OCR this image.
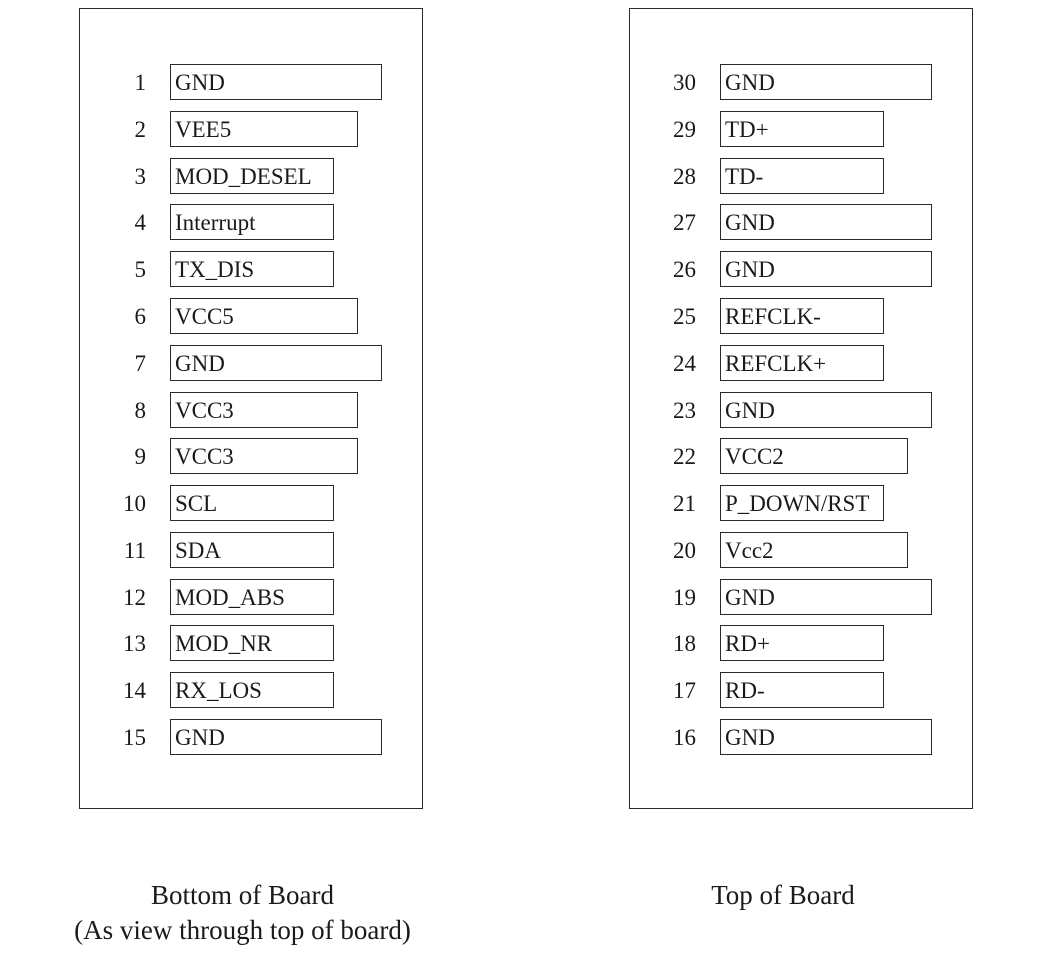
1 GND
2 VEE5
3 MOD_DESEL
4 Interrupt
5 TX_DIS
6 VCC5
7 GND
8 VCC3
9 VCC3
10 SCL
11 SDA
12 MOD_ABS
13 MOD_NR
14 RX_LOS
15 GND
30 GND
29 TD+
28 TD-
27 GND
26 GND
25 REFCLK-
24 REFCLK+
23 GND
22 VCC2
21 P_DOWN/RST
20 Vcc2
19 GND
18 RD+
17 RD-
16 GND
Bottom of Board
(As view through top of board)
Top of Board
